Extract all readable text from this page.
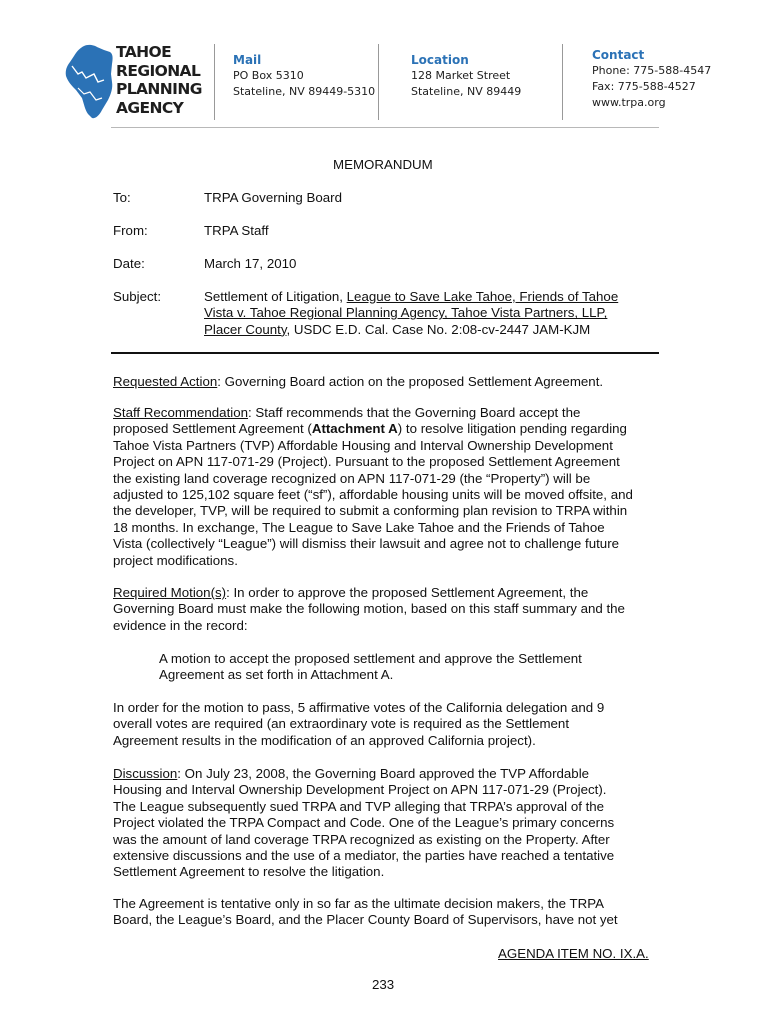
TAHOE
REGIONAL
PLANNING
AGENCY
Mail
PO Box 5310
Stateline, NV 89449-5310
Location
128 Market Street
Stateline, NV 89449
Contact
Phone: 775-588-4547
Fax: 775-588-4527
www.trpa.org
MEMORANDUM
To:	TRPA Governing Board
From:	TRPA Staff
Date:	March 17, 2010
Subject:	Settlement of Litigation, League to Save Lake Tahoe, Friends of Tahoe
Vista v. Tahoe Regional Planning Agency, Tahoe Vista Partners, LLP,
Placer County, USDC E.D. Cal. Case No. 2:08-cv-2447 JAM-KJM
Requested Action: Governing Board action on the proposed Settlement Agreement.
Staff Recommendation: Staff recommends that the Governing Board accept the
proposed Settlement Agreement (Attachment A) to resolve litigation pending regarding
Tahoe Vista Partners (TVP) Affordable Housing and Interval Ownership Development
Project on APN 117-071-29 (Project). Pursuant to the proposed Settlement Agreement
the existing land coverage recognized on APN 117-071-29 (the “Property”) will be
adjusted to 125,102 square feet (“sf”), affordable housing units will be moved offsite, and
the developer, TVP, will be required to submit a conforming plan revision to TRPA within
18 months. In exchange, The League to Save Lake Tahoe and the Friends of Tahoe
Vista (collectively “League”) will dismiss their lawsuit and agree not to challenge future
project modifications.
Required Motion(s): In order to approve the proposed Settlement Agreement, the
Governing Board must make the following motion, based on this staff summary and the
evidence in the record:
A motion to accept the proposed settlement and approve the Settlement
Agreement as set forth in Attachment A.
In order for the motion to pass, 5 affirmative votes of the California delegation and 9
overall votes are required (an extraordinary vote is required as the Settlement
Agreement results in the modification of an approved California project).
Discussion: On July 23, 2008, the Governing Board approved the TVP Affordable
Housing and Interval Ownership Development Project on APN 117-071-29 (Project).
The League subsequently sued TRPA and TVP alleging that TRPA’s approval of the
Project violated the TRPA Compact and Code. One of the League’s primary concerns
was the amount of land coverage TRPA recognized as existing on the Property. After
extensive discussions and the use of a mediator, the parties have reached a tentative
Settlement Agreement to resolve the litigation.
The Agreement is tentative only in so far as the ultimate decision makers, the TRPA
Board, the League’s Board, and the Placer County Board of Supervisors, have not yet
AGENDA ITEM NO. IX.A.
233
